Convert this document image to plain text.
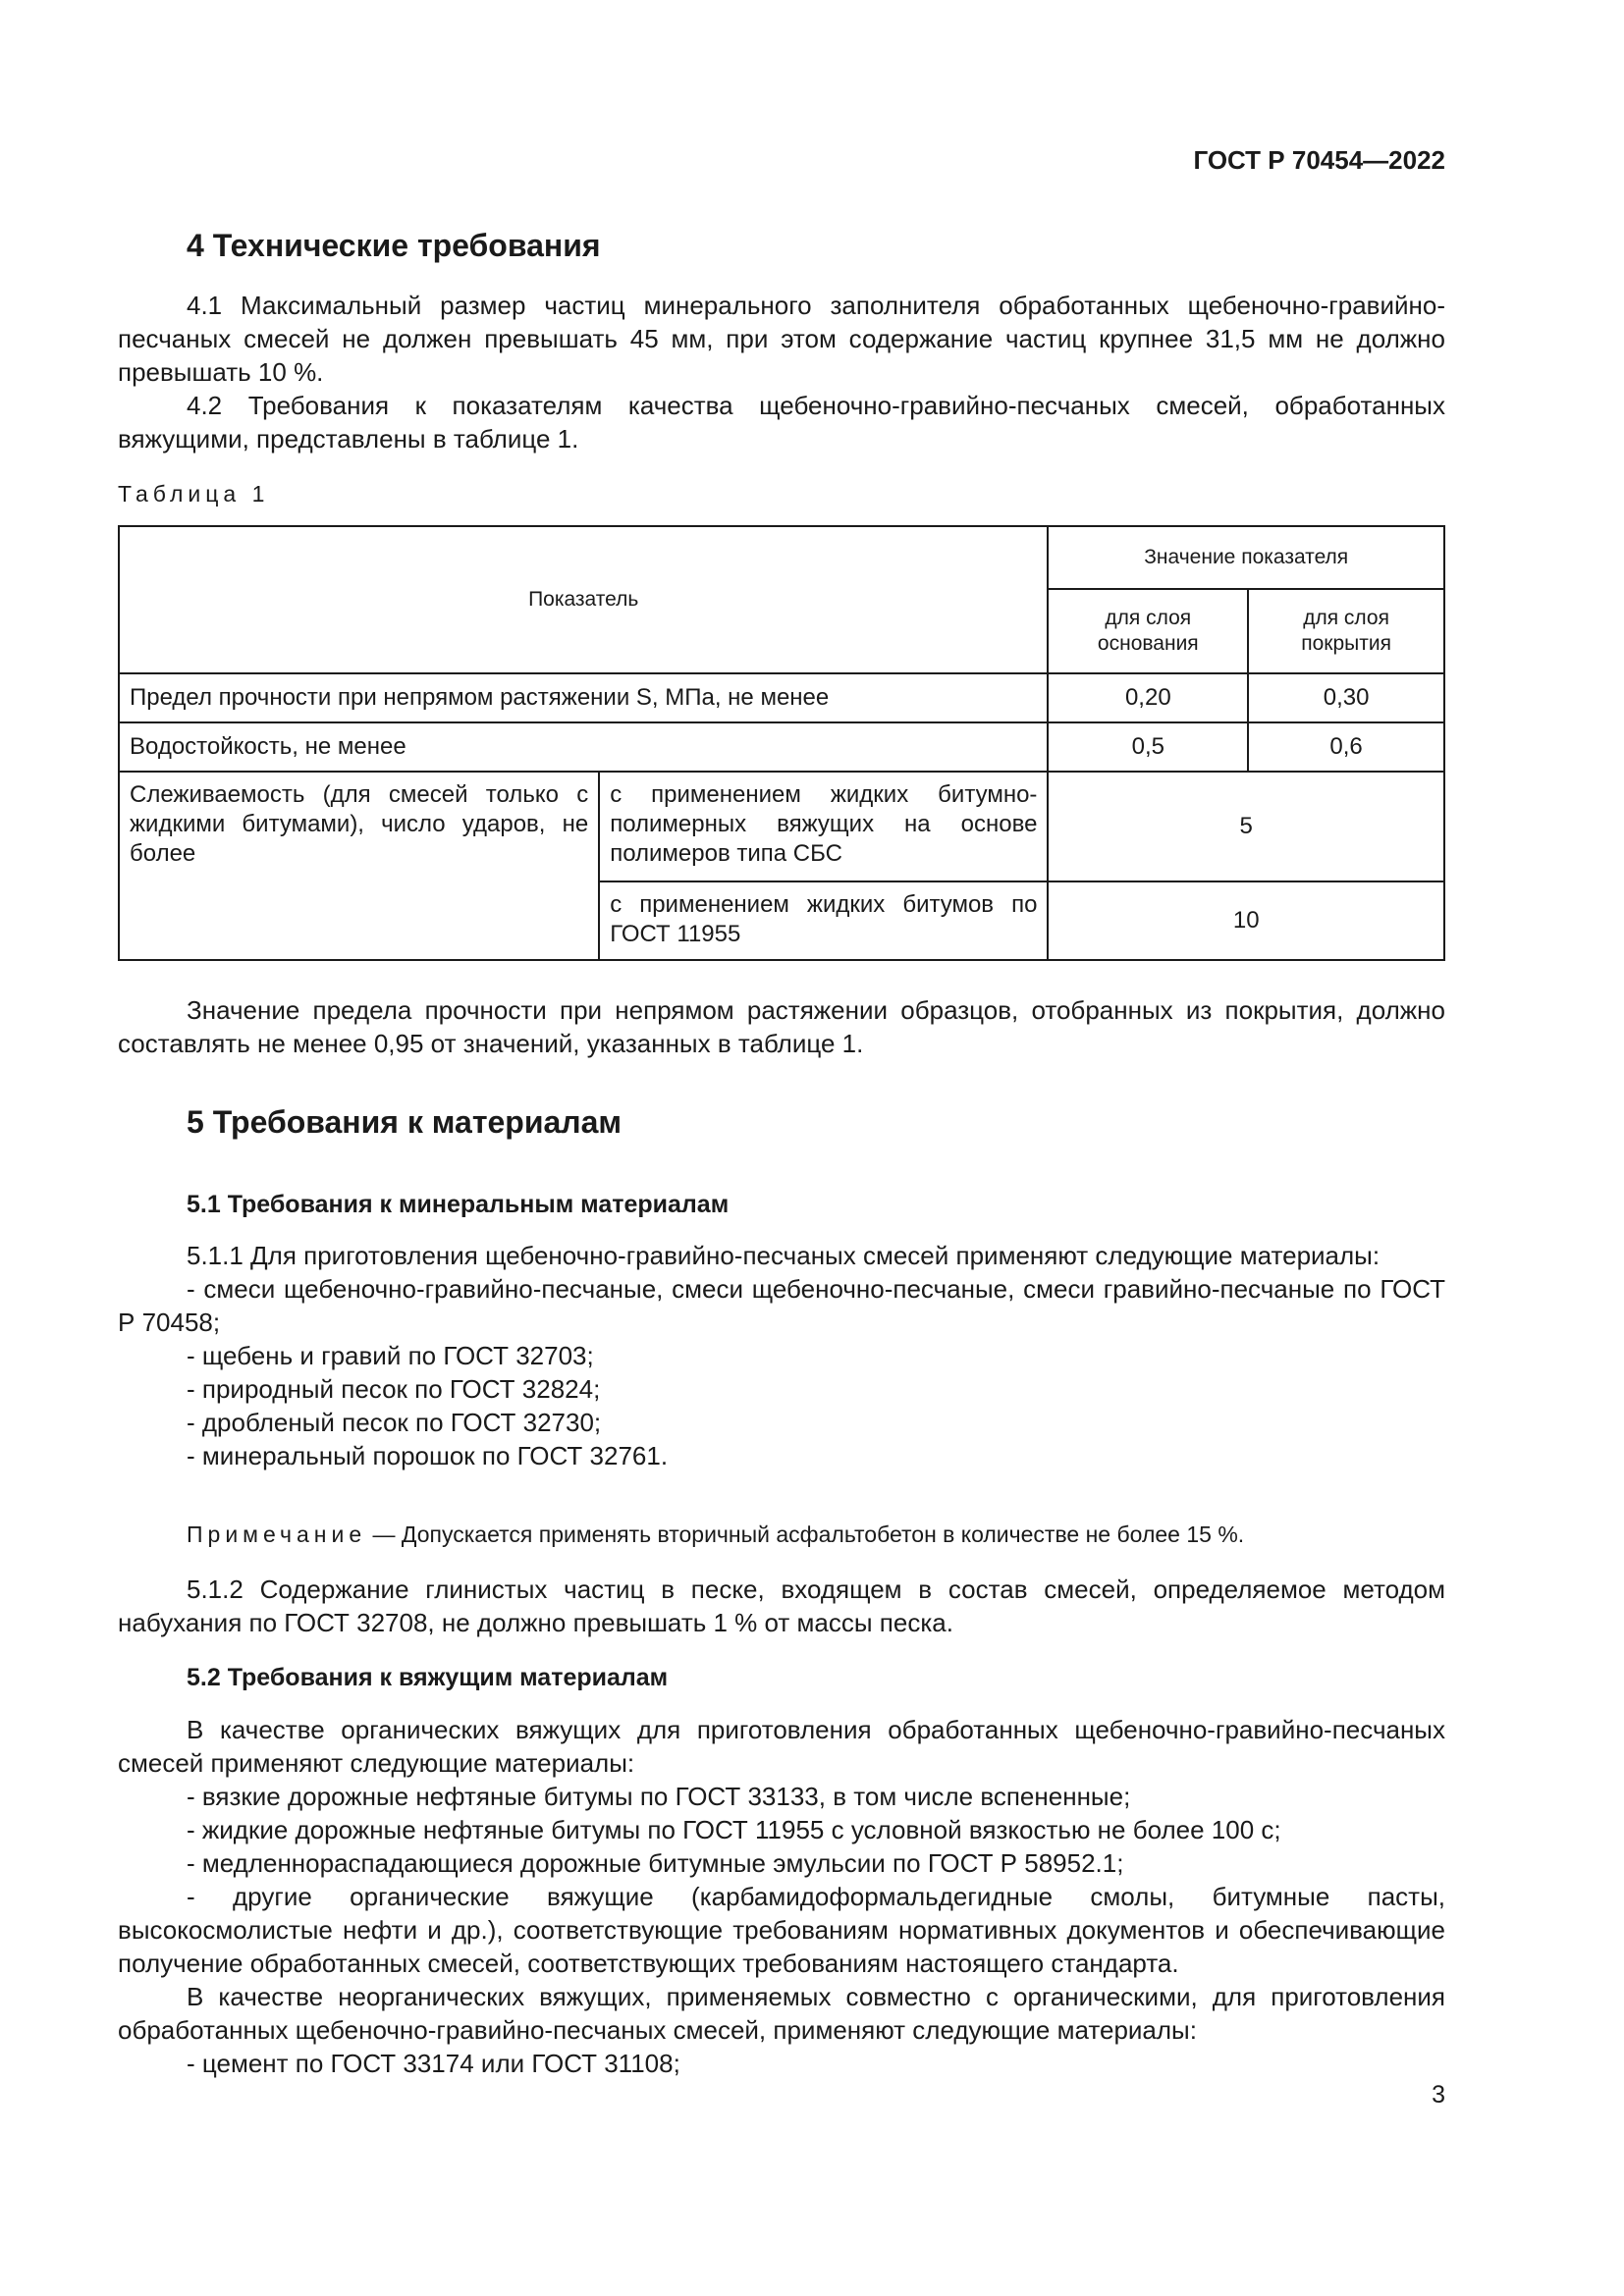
ГОСТ Р 70454—2022

4 Технические требования

4.1 Максимальный размер частиц минерального заполнителя обработанных щебеночно-гравийно-песчаных смесей не должен превышать 45 мм, при этом содержание частиц крупнее 31,5 мм не должно превышать 10 %.

4.2 Требования к показателям качества щебеночно-гравийно-песчаных смесей, обработанных вяжущими, представлены в таблице 1.

Таблица 1

Показатель		Значение показателя	
		для слоя основания	для слоя покрытия
Предел прочности при непрямом растяжении S, МПа, не менее		0,20	0,30
Водостойкость, не менее		0,5	0,6
Слеживаемость (для смесей только с жидкими битумами), число ударов, не более	с применением жидких битумно-полимерных вяжущих на основе полимеров типа СБС	5	
	с применением жидких битумов по ГОСТ 11955	10	

Значение предела прочности при непрямом растяжении образцов, отобранных из покрытия, должно составлять не менее 0,95 от значений, указанных в таблице 1.

5 Требования к материалам
5.1 Требования к минеральным материалам

5.1.1 Для приготовления щебеночно-гравийно-песчаных смесей применяют следующие материалы:

- смеси щебеночно-гравийно-песчаные, смеси щебеночно-песчаные, смеси гравийно-песчаные по ГОСТ Р 70458;

- щебень и гравий по ГОСТ 32703;

- природный песок по ГОСТ 32824;

- дробленый песок по ГОСТ 32730;

- минеральный порошок по ГОСТ 32761.

Примечание — Допускается применять вторичный асфальтобетон в количестве не более 15 %.

5.1.2 Содержание глинистых частиц в песке, входящем в состав смесей, определяемое методом набухания по ГОСТ 32708, не должно превышать 1 % от массы песка.

5.2 Требования к вяжущим материалам

В качестве органических вяжущих для приготовления обработанных щебеночно-гравийно-песчаных смесей применяют следующие материалы:

- вязкие дорожные нефтяные битумы по ГОСТ 33133, в том числе вспененные;

- жидкие дорожные нефтяные битумы по ГОСТ 11955 с условной вязкостью не более 100 с;

- медленнораспадающиеся дорожные битумные эмульсии по ГОСТ Р 58952.1;

- другие органические вяжущие (карбамидоформальдегидные смолы, битумные пасты, высокосмолистые нефти и др.), соответствующие требованиям нормативных документов и обеспечивающие получение обработанных смесей, соответствующих требованиям настоящего стандарта.

В качестве неорганических вяжущих, применяемых совместно с органическими, для приготовления обработанных щебеночно-гравийно-песчаных смесей, применяют следующие материалы:

- цемент по ГОСТ 33174 или ГОСТ 31108;

3
